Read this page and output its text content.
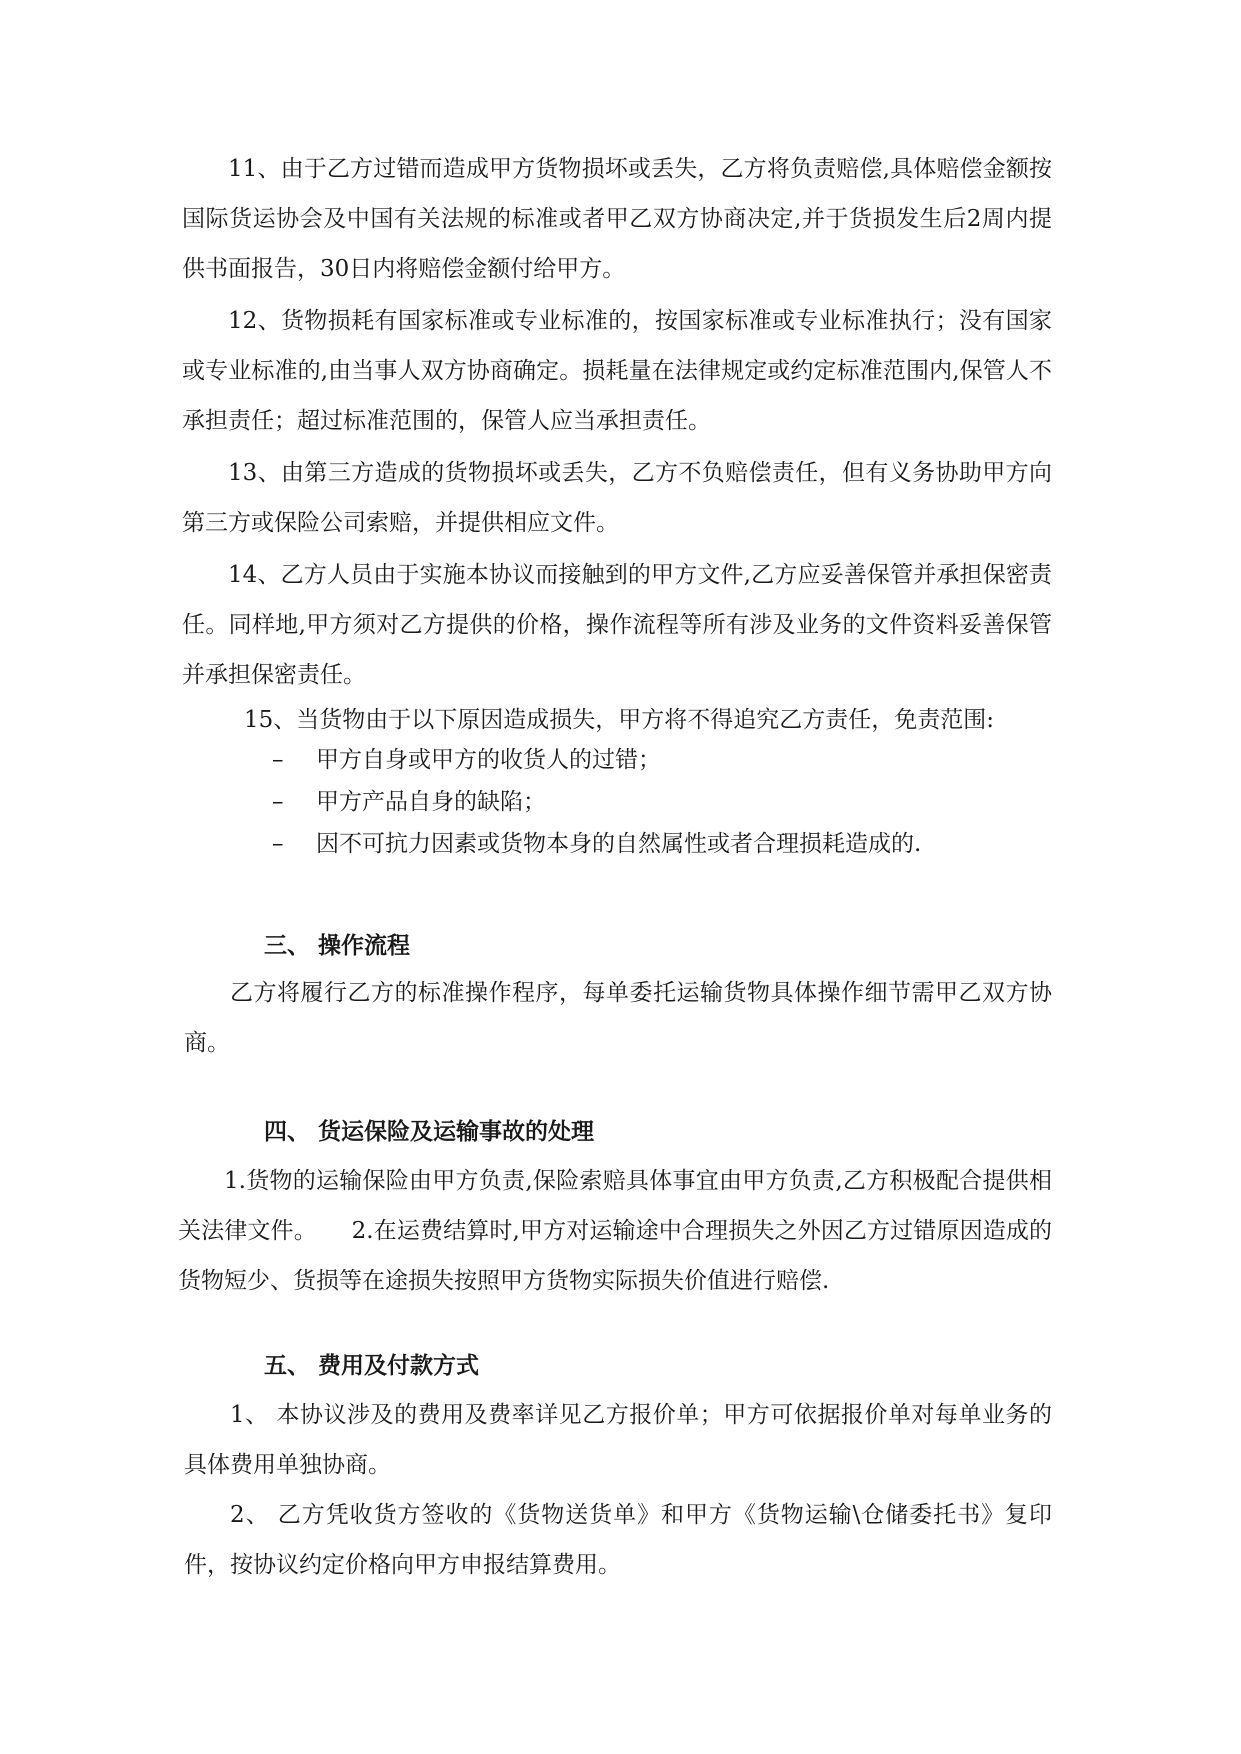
11、由于乙方过错而造成甲方货物损坏或丢失，乙方将负责赔偿,具体赔偿金额按国际货运协会及中国有关法规的标准或者甲乙双方协商决定,并于货损发生后2周内提供书面报告，30日内将赔偿金额付给甲方。

12、货物损耗有国家标准或专业标准的，按国家标准或专业标准执行；没有国家或专业标准的,由当事人双方协商确定。损耗量在法律规定或约定标准范围内,保管人不承担责任；超过标准范围的，保管人应当承担责任。

13、由第三方造成的货物损坏或丢失，乙方不负赔偿责任，但有义务协助甲方向第三方或保险公司索赔，并提供相应文件。

14、乙方人员由于实施本协议而接触到的甲方文件,乙方应妥善保管并承担保密责任。同样地,甲方须对乙方提供的价格，操作流程等所有涉及业务的文件资料妥善保管并承担保密责任。

15、当货物由于以下原因造成损失，甲方将不得追究乙方责任，免责范围:

– 甲方自身或甲方的收货人的过错；

– 甲方产品自身的缺陷；

– 因不可抗力因素或货物本身的自然属性或者合理损耗造成的.

三、 操作流程

乙方将履行乙方的标准操作程序，每单委托运输货物具体操作细节需甲乙双方协商。

四、 货运保险及运输事故的处理

1.货物的运输保险由甲方负责,保险索赔具体事宜由甲方负责,乙方积极配合提供相关法律文件。　　2.在运费结算时,甲方对运输途中合理损失之外因乙方过错原因造成的货物短少、货损等在途损失按照甲方货物实际损失价值进行赔偿.

五、 费用及付款方式

1、 本协议涉及的费用及费率详见乙方报价单；甲方可依据报价单对每单业务的具体费用单独协商。

2、 乙方凭收货方签收的《货物送货单》和甲方《货物运输\仓储委托书》复印件，按协议约定价格向甲方申报结算费用。
